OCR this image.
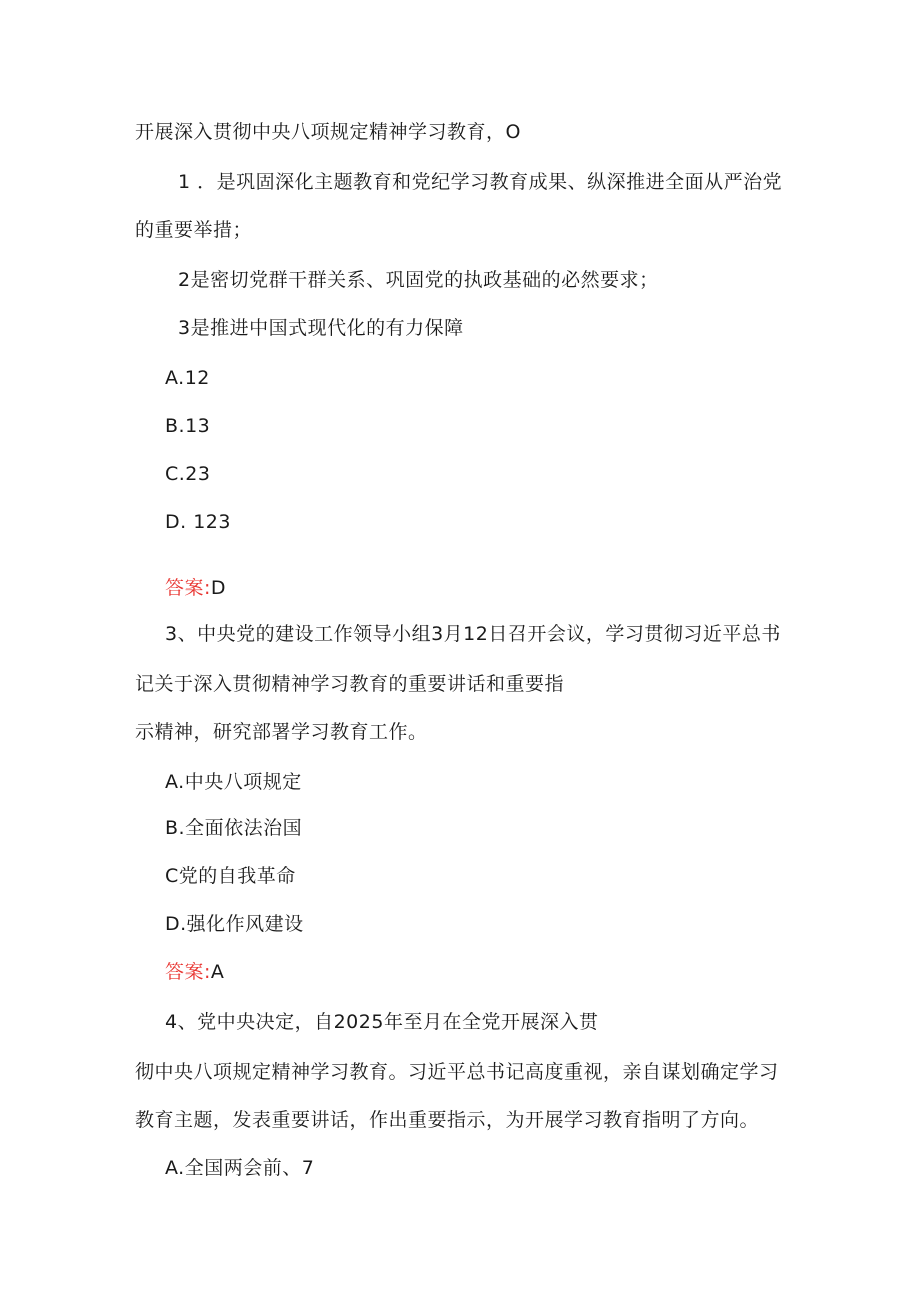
开展深入贯彻中央八项规定精神学习教育，O
1 ．是巩固深化主题教育和党纪学习教育成果、纵深推进全面从严治党
的重要举措；
2是密切党群干群关系、巩固党的执政基础的必然要求；
3是推进中国式现代化的有力保障
A.12
B.13
C.23
D. 123
答案:D
3、中央党的建设工作领导小组3月12日召开会议，学习贯彻习近平总书
记关于深入贯彻精神学习教育的重要讲话和重要指
示精神，研究部署学习教育工作。
A.中央八项规定
B.全面依法治国
C党的自我革命
D.强化作风建设
答案:A
4、党中央决定，自2025年至月在全党开展深入贯
彻中央八项规定精神学习教育。习近平总书记高度重视，亲自谋划确定学习
教育主题，发表重要讲话，作出重要指示，为开展学习教育指明了方向。
A.全国两会前、7
